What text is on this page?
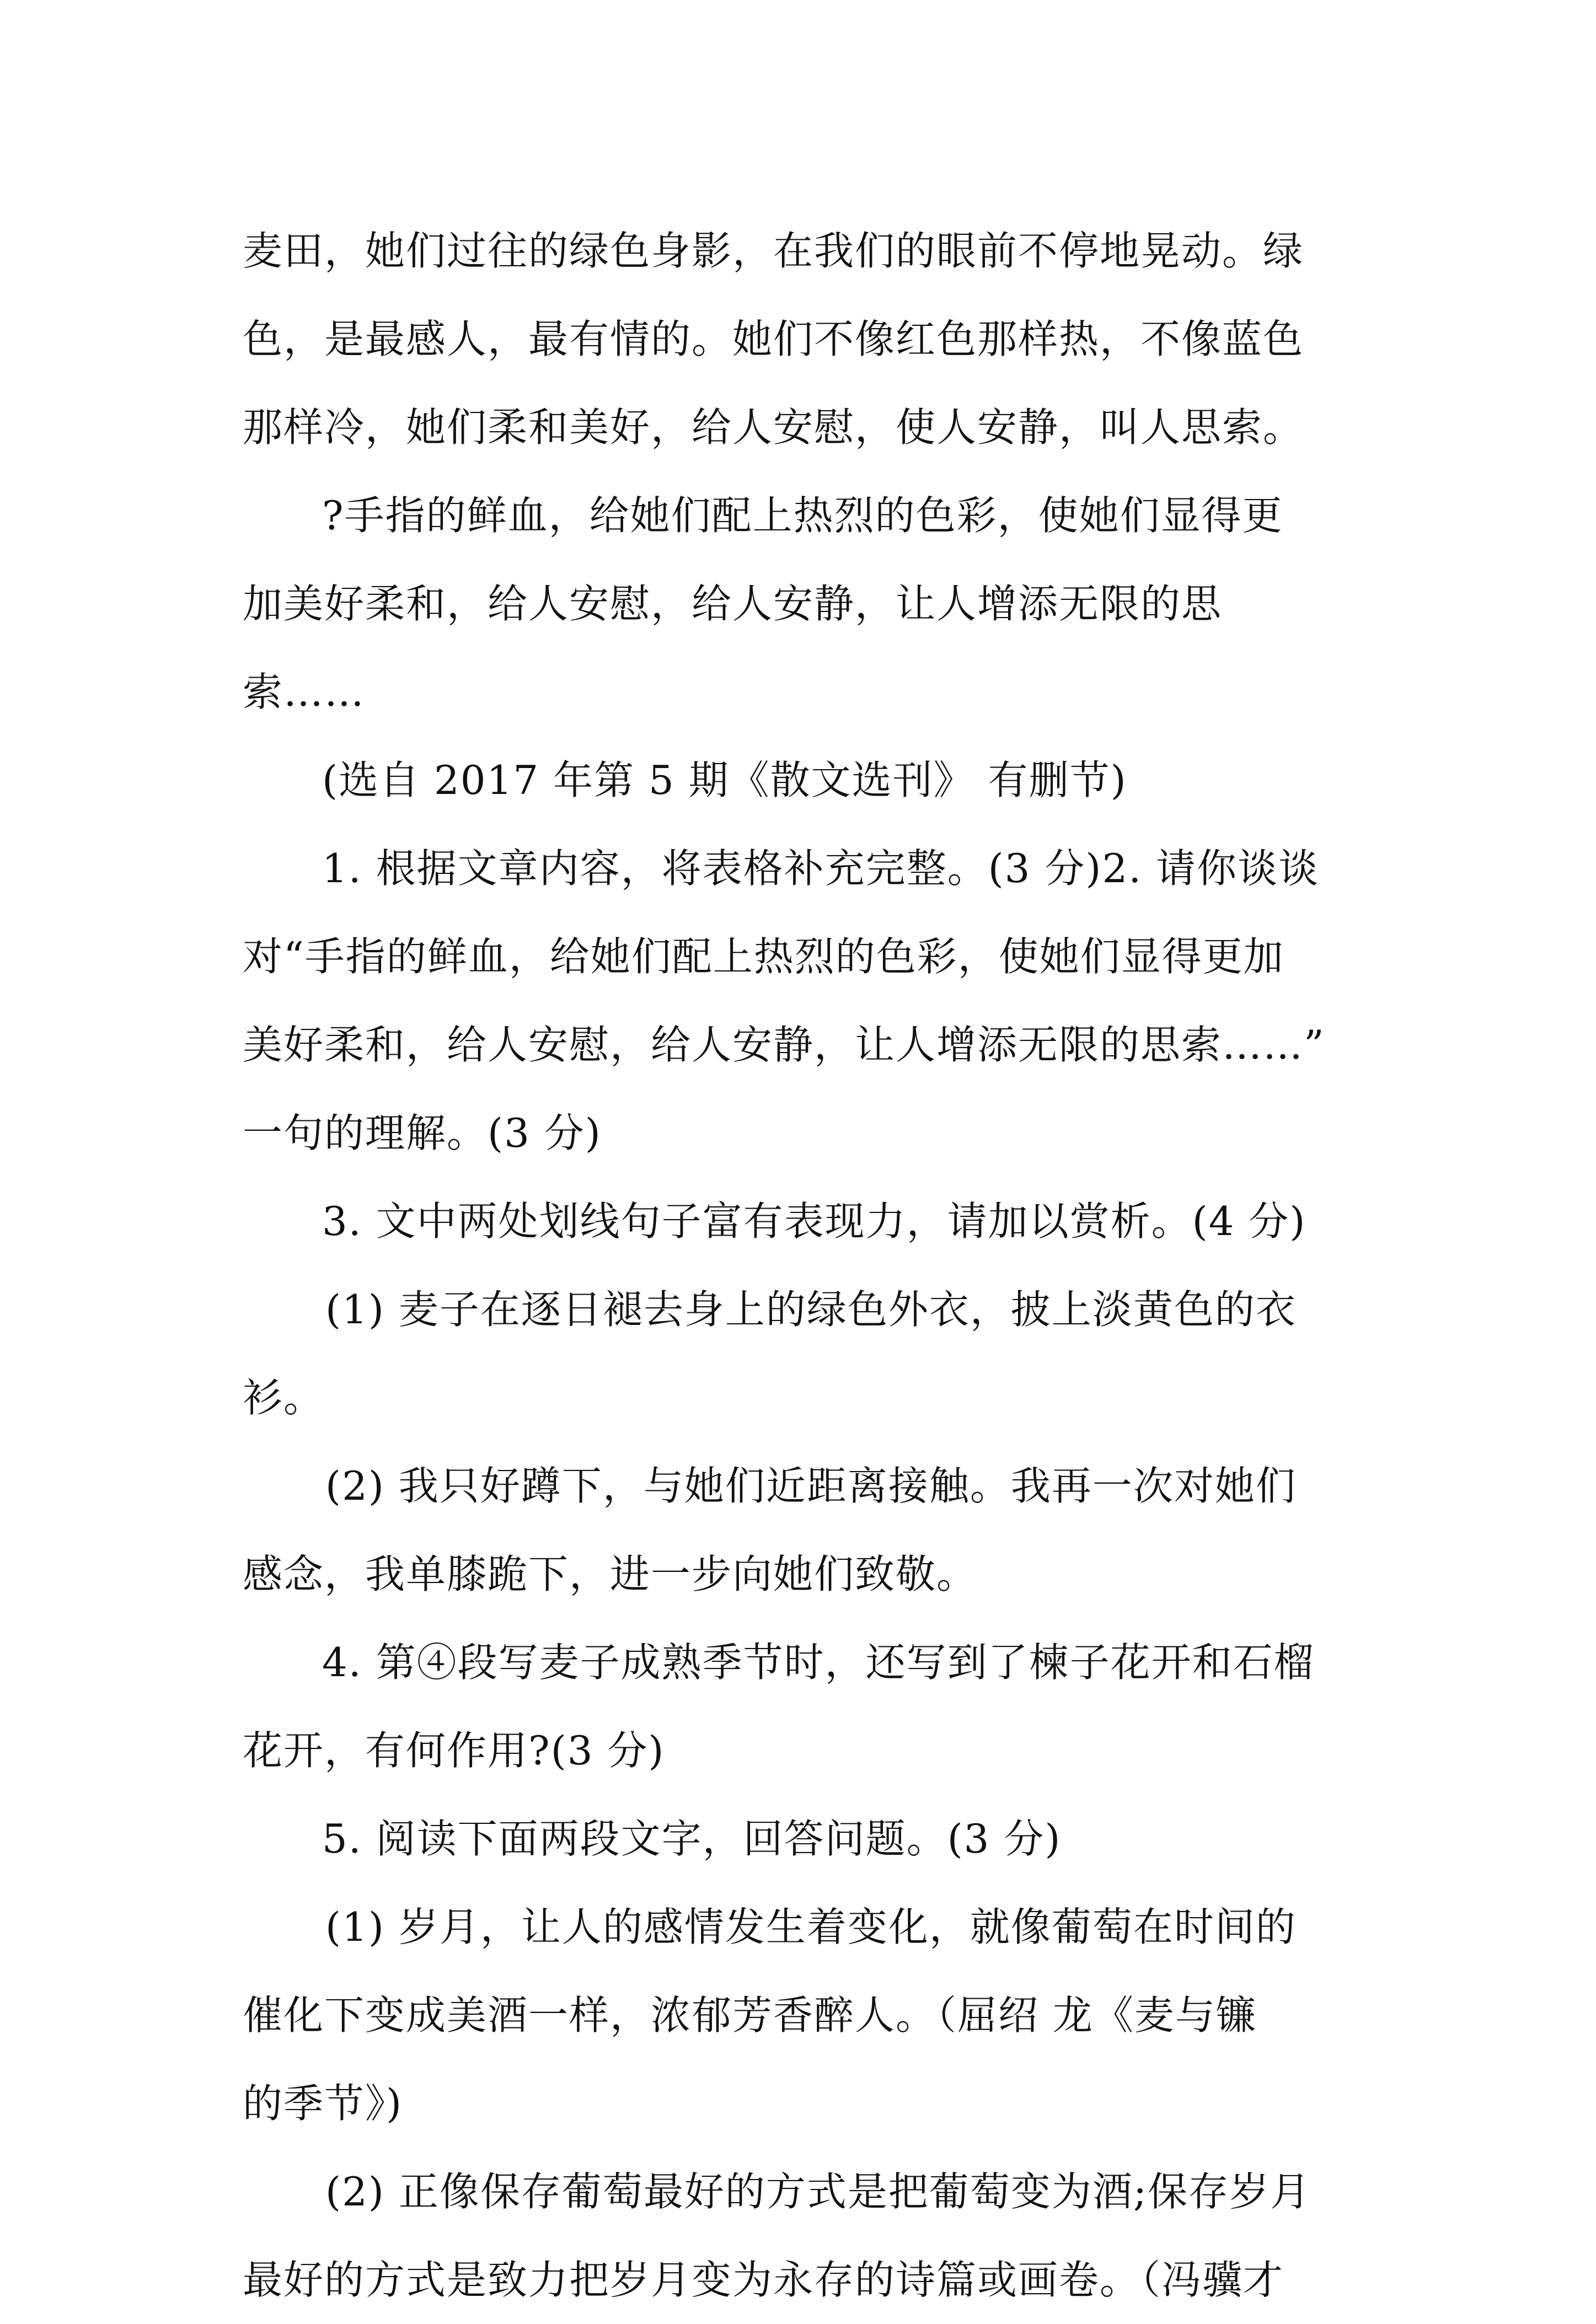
麦田，她们过往的绿色身影，在我们的眼前不停地晃动。绿
色，是最感人，最有情的。她们不像红色那样热，不像蓝色
那样冷，她们柔和美好，给人安慰，使人安静，叫人思索。
?手指的鲜血，给她们配上热烈的色彩，使她们显得更
加美好柔和，给人安慰，给人安静，让人增添无限的思
索……
(选自 2017 年第 5 期《散文选刊》 有删节)
1. 根据文章内容，将表格补充完整。(3 分)2. 请你谈谈
对“手指的鲜血，给她们配上热烈的色彩，使她们显得更加
美好柔和，给人安慰，给人安静，让人增添无限的思索……”
一句的理解。(3 分)
3. 文中两处划线句子富有表现力，请加以赏析。(4 分)
(1) 麦子在逐日褪去身上的绿色外衣，披上淡黄色的衣
衫。
(2) 我只好蹲下，与她们近距离接触。我再一次对她们
感念，我单膝跪下，进一步向她们致敬。
4. 第④段写麦子成熟季节时，还写到了楝子花开和石榴
花开，有何作用?(3 分)
5. 阅读下面两段文字，回答问题。(3 分)
(1) 岁月，让人的感情发生着变化，就像葡萄在时间的
催化下变成美酒一样，浓郁芳香醉人。（屈绍 龙《麦与镰
的季节》)
(2) 正像保存葡萄最好的方式是把葡萄变为酒;保存岁月
最好的方式是致力把岁月变为永存的诗篇或画卷。（冯骥才
